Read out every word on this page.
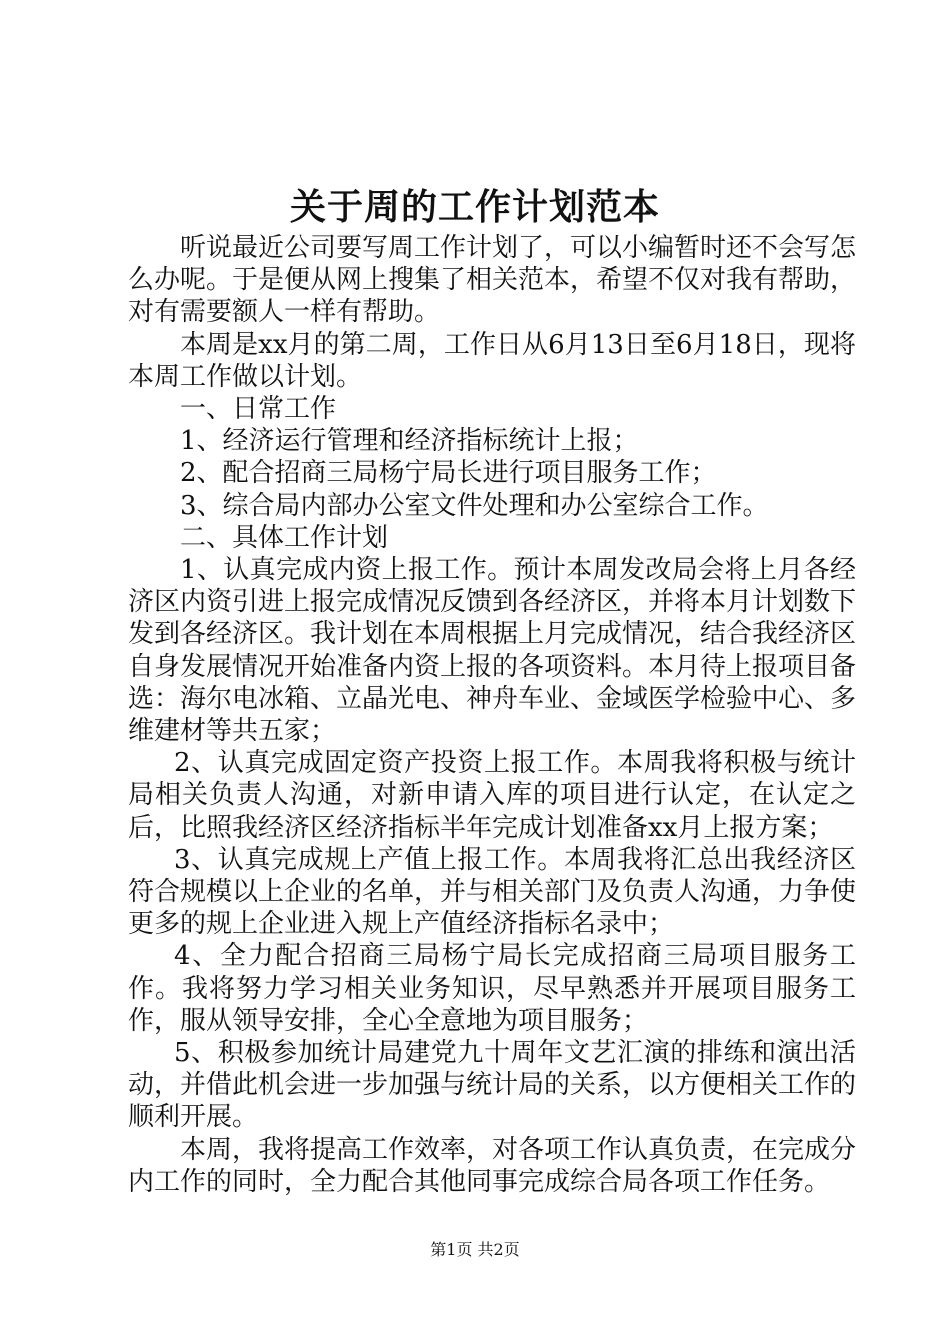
关于周的工作计划范本

听说最近公司要写周工作计划了，可以小编暂时还不会写怎么办呢。于是便从网上搜集了相关范本，希望不仅对我有帮助，对有需要额人一样有帮助。

本周是xx月的第二周，工作日从6月13日至6月18日，现将本周工作做以计划。

一、日常工作

1、经济运行管理和经济指标统计上报；

2、配合招商三局杨宁局长进行项目服务工作；

3、综合局内部办公室文件处理和办公室综合工作。

二、具体工作计划

1、认真完成内资上报工作。预计本周发改局会将上月各经济区内资引进上报完成情况反馈到各经济区，并将本月计划数下发到各经济区。我计划在本周根据上月完成情况，结合我经济区自身发展情况开始准备内资上报的各项资料。本月待上报项目备选：海尔电冰箱、立晶光电、神舟车业、金域医学检验中心、多维建材等共五家；

2、认真完成固定资产投资上报工作。本周我将积极与统计局相关负责人沟通，对新申请入库的项目进行认定，在认定之后，比照我经济区经济指标半年完成计划准备xx月上报方案；

3、认真完成规上产值上报工作。本周我将汇总出我经济区符合规模以上企业的名单，并与相关部门及负责人沟通，力争使更多的规上企业进入规上产值经济指标名录中；

4、全力配合招商三局杨宁局长完成招商三局项目服务工作。我将努力学习相关业务知识，尽早熟悉并开展项目服务工作，服从领导安排，全心全意地为项目服务；

5、积极参加统计局建党九十周年文艺汇演的排练和演出活动，并借此机会进一步加强与统计局的关系，以方便相关工作的顺利开展。

本周，我将提高工作效率，对各项工作认真负责，在完成分内工作的同时，全力配合其他同事完成综合局各项工作任务。

第1页 共2页
